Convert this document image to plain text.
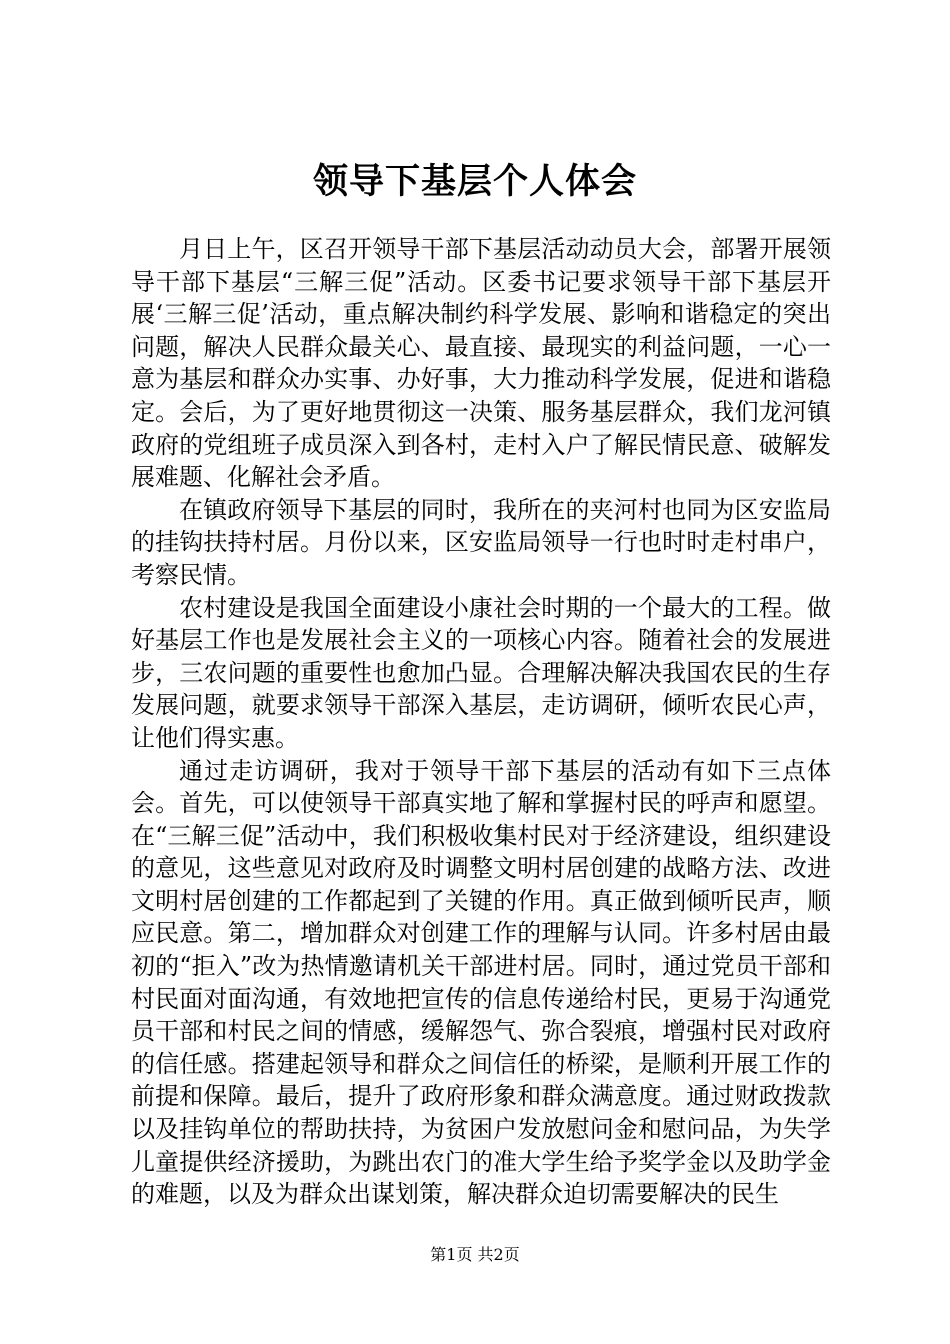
领导下基层个人体会

月日上午，区召开领导干部下基层活动动员大会，部署开展领导干部下基层“三解三促”活动。区委书记要求领导干部下基层开展‘三解三促’活动，重点解决制约科学发展、影响和谐稳定的突出问题，解决人民群众最关心、最直接、最现实的利益问题，一心一意为基层和群众办实事、办好事，大力推动科学发展，促进和谐稳定。会后，为了更好地贯彻这一决策、服务基层群众，我们龙河镇政府的党组班子成员深入到各村，走村入户了解民情民意、破解发展难题、化解社会矛盾。

在镇政府领导下基层的同时，我所在的夹河村也同为区安监局的挂钩扶持村居。月份以来，区安监局领导一行也时时走村串户，考察民情。

农村建设是我国全面建设小康社会时期的一个最大的工程。做好基层工作也是发展社会主义的一项核心内容。随着社会的发展进步，三农问题的重要性也愈加凸显。合理解决解决我国农民的生存发展问题，就要求领导干部深入基层，走访调研，倾听农民心声，让他们得实惠。

通过走访调研，我对于领导干部下基层的活动有如下三点体会。首先，可以使领导干部真实地了解和掌握村民的呼声和愿望。在“三解三促”活动中，我们积极收集村民对于经济建设，组织建设的意见，这些意见对政府及时调整文明村居创建的战略方法、改进文明村居创建的工作都起到了关键的作用。真正做到倾听民声，顺应民意。第二，增加群众对创建工作的理解与认同。许多村居由最初的“拒入”改为热情邀请机关干部进村居。同时，通过党员干部和村民面对面沟通，有效地把宣传的信息传递给村民，更易于沟通党员干部和村民之间的情感，缓解怨气、弥合裂痕，增强村民对政府的信任感。搭建起领导和群众之间信任的桥梁，是顺利开展工作的前提和保障。最后，提升了政府形象和群众满意度。通过财政拨款以及挂钩单位的帮助扶持，为贫困户发放慰问金和慰问品，为失学儿童提供经济援助，为跳出农门的准大学生给予奖学金以及助学金的难题，以及为群众出谋划策，解决群众迫切需要解决的民生

第1页 共2页
